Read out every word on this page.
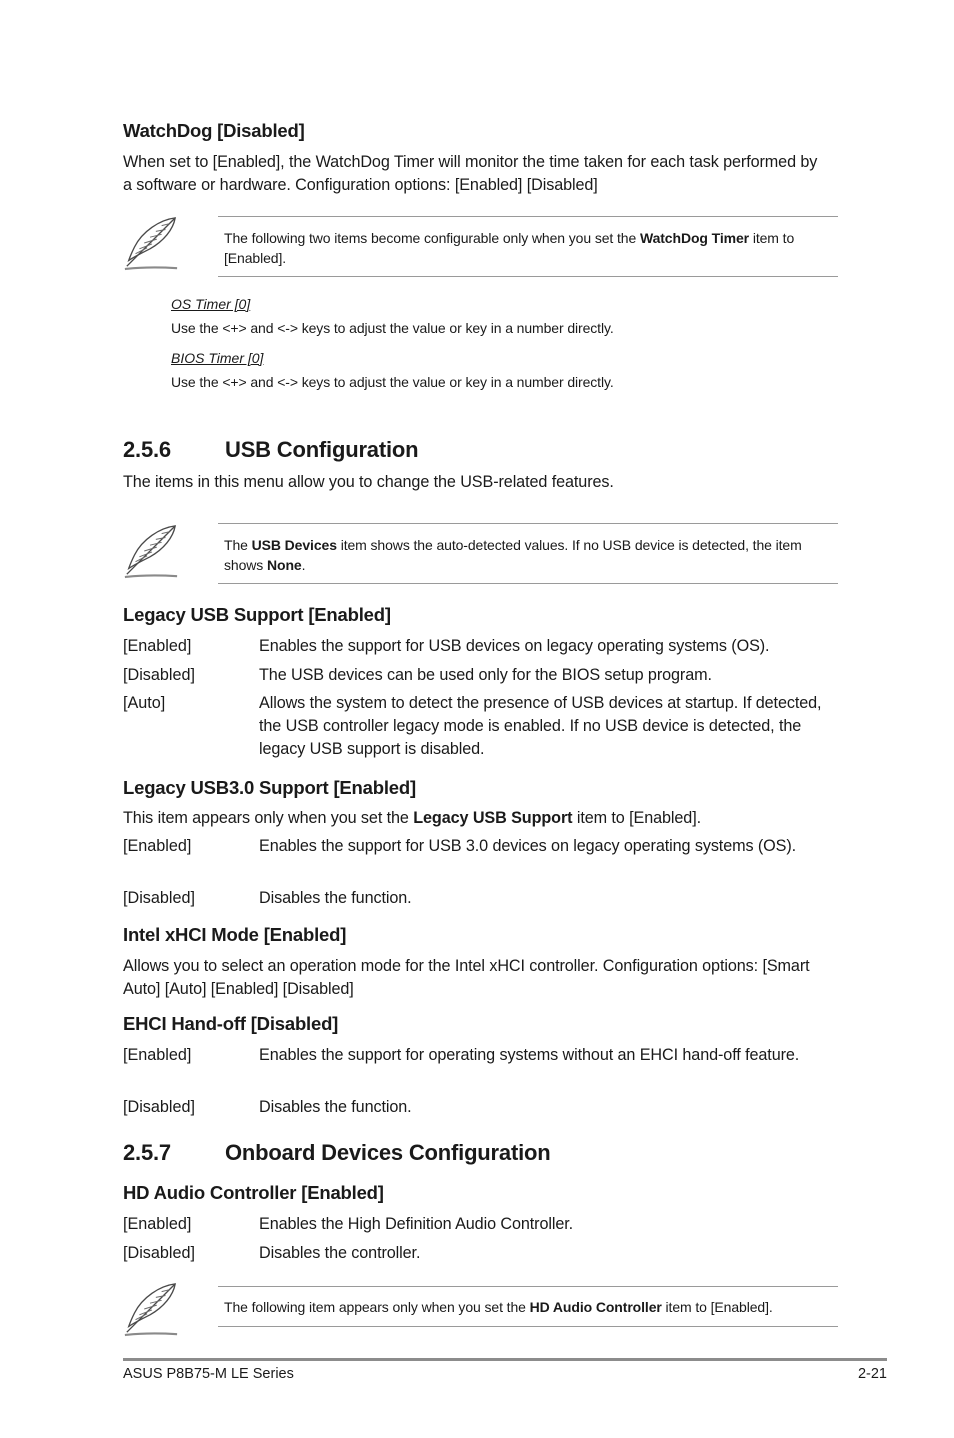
WatchDog [Disabled]
When set to [Enabled], the WatchDog Timer will monitor the time taken for each task performed by a software or hardware. Configuration options: [Enabled] [Disabled]
The following two items become configurable only when you set the WatchDog Timer item to [Enabled].
OS Timer [0]
Use the <+> and <-> keys to adjust the value or key in a number directly.
BIOS Timer [0]
Use the <+> and <-> keys to adjust the value or key in a number directly.
2.5.6 USB Configuration
The items in this menu allow you to change the USB-related features.
The USB Devices item shows the auto-detected values. If no USB device is detected, the item shows None.
Legacy USB Support [Enabled]
[Enabled]	Enables the support for USB devices on legacy operating systems (OS).
[Disabled]	The USB devices can be used only for the BIOS setup program.
[Auto]	Allows the system to detect the presence of USB devices at startup. If detected, the USB controller legacy mode is enabled. If no USB device is detected, the legacy USB support is disabled.
Legacy USB3.0 Support [Enabled]
This item appears only when you set the Legacy USB Support item to [Enabled].
[Enabled]	Enables the support for USB 3.0 devices on legacy operating systems (OS).
[Disabled]	Disables the function.
Intel xHCI Mode [Enabled]
Allows you to select an operation mode for the Intel xHCI controller. Configuration options: [Smart Auto] [Auto] [Enabled] [Disabled]
EHCI Hand-off [Disabled]
[Enabled]	Enables the support for operating systems without an EHCI hand-off feature.
[Disabled]	Disables the function.
2.5.7 Onboard Devices Configuration
HD Audio Controller [Enabled]
[Enabled]	Enables the High Definition Audio Controller.
[Disabled]	Disables the controller.
The following item appears only when you set the HD Audio Controller item to [Enabled].
ASUS P8B75-M LE Series	2-21
